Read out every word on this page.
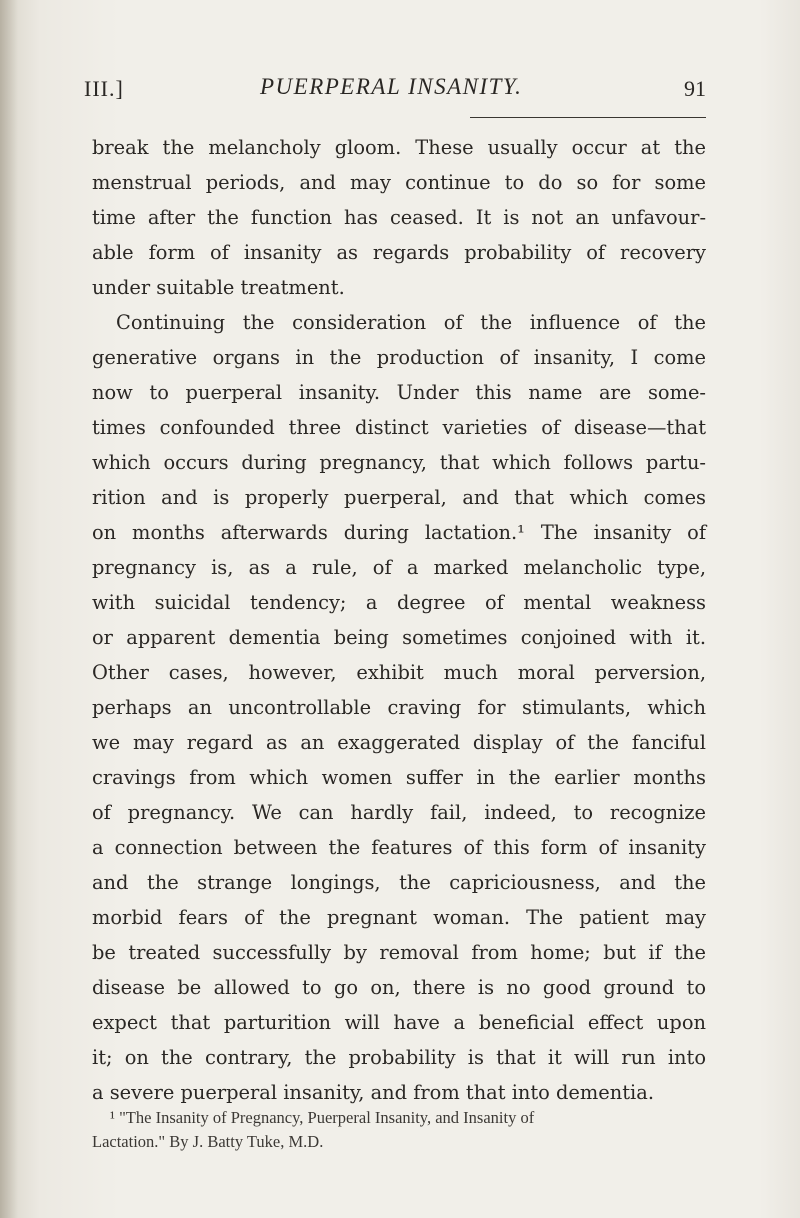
III.]	PUERPERAL INSANITY.	91
break the melancholy gloom. These usually occur at the
menstrual periods, and may continue to do so for some
time after the function has ceased. It is not an unfavour-
able form of insanity as regards probability of recovery
under suitable treatment.
Continuing the consideration of the influence of the
generative organs in the production of insanity, I come
now to puerperal insanity. Under this name are some-
times confounded three distinct varieties of disease—that
which occurs during pregnancy, that which follows partu-
rition and is properly puerperal, and that which comes
on months afterwards during lactation.¹ The insanity of
pregnancy is, as a rule, of a marked melancholic type,
with suicidal tendency; a degree of mental weakness
or apparent dementia being sometimes conjoined with it.
Other cases, however, exhibit much moral perversion,
perhaps an uncontrollable craving for stimulants, which
we may regard as an exaggerated display of the fanciful
cravings from which women suffer in the earlier months
of pregnancy. We can hardly fail, indeed, to recognize
a connection between the features of this form of insanity
and the strange longings, the capriciousness, and the
morbid fears of the pregnant woman. The patient may
be treated successfully by removal from home; but if the
disease be allowed to go on, there is no good ground to
expect that parturition will have a beneficial effect upon
it; on the contrary, the probability is that it will run into
a severe puerperal insanity, and from that into dementia.
¹ "The Insanity of Pregnancy, Puerperal Insanity, and Insanity of
Lactation." By J. Batty Tuke, M.D.
